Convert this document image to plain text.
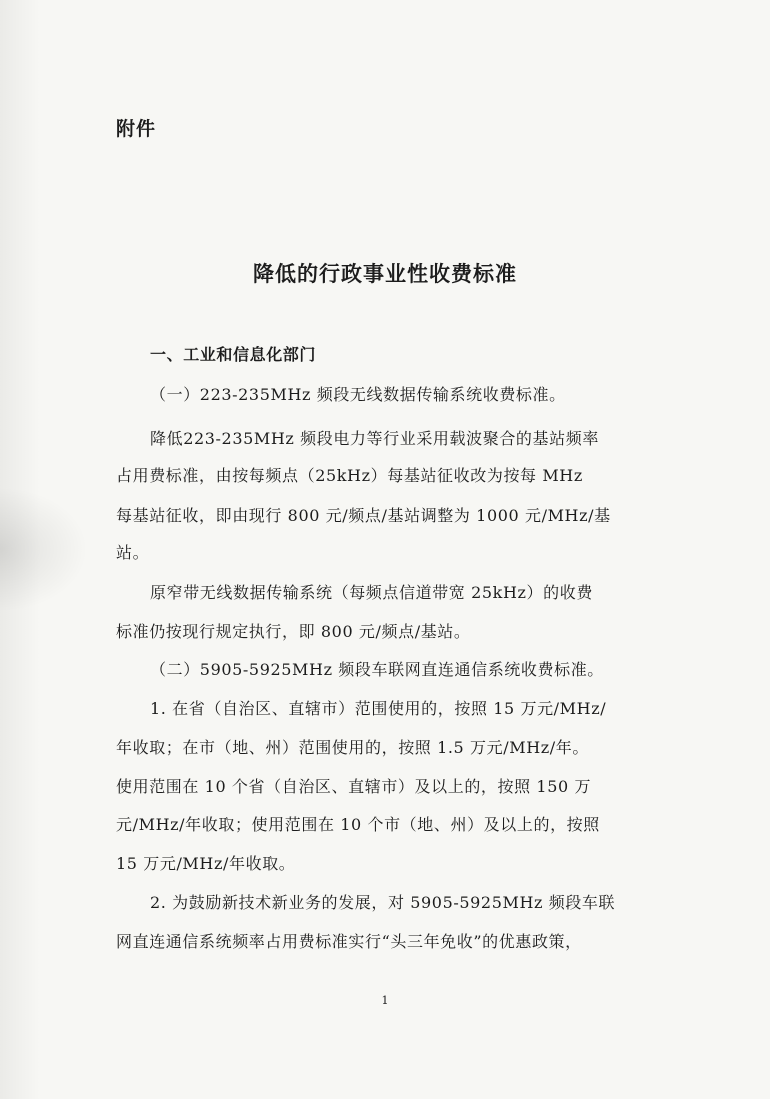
附件
降低的行政事业性收费标准
一、工业和信息化部门
（一）223-235MHz 频段无线数据传输系统收费标准。
降低223-235MHz 频段电力等行业采用载波聚合的基站频率
占用费标准，由按每频点（25kHz）每基站征收改为按每 MHz
每基站征收，即由现行 800 元/频点/基站调整为 1000 元/MHz/基
站。
原窄带无线数据传输系统（每频点信道带宽 25kHz）的收费
标准仍按现行规定执行，即 800 元/频点/基站。
（二）5905-5925MHz 频段车联网直连通信系统收费标准。
1. 在省（自治区、直辖市）范围使用的，按照 15 万元/MHz/
年收取；在市（地、州）范围使用的，按照 1.5 万元/MHz/年。
使用范围在 10 个省（自治区、直辖市）及以上的，按照 150 万
元/MHz/年收取；使用范围在 10 个市（地、州）及以上的，按照
15 万元/MHz/年收取。
2. 为鼓励新技术新业务的发展，对 5905-5925MHz 频段车联
网直连通信系统频率占用费标准实行“头三年免收”的优惠政策，
1
